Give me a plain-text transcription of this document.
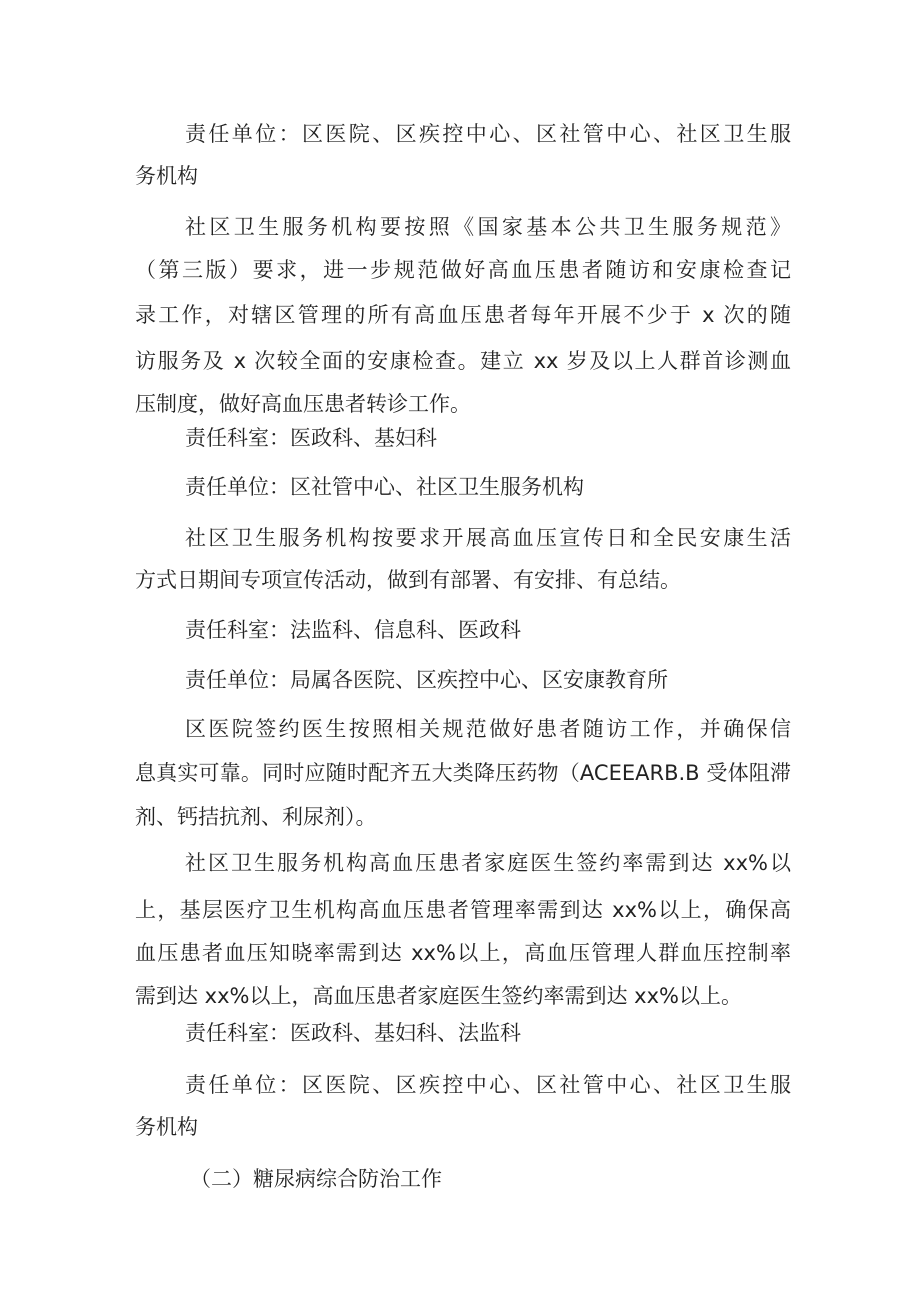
责任单位：区医院、区疾控中心、区社管中心、社区卫生服
务机构
社区卫生服务机构要按照《国家基本公共卫生服务规范》
（第三版）要求，进一步规范做好高血压患者随访和安康检查记
录工作，对辖区管理的所有高血压患者每年开展不少于 x 次的随
访服务及 x 次较全面的安康检查。建立 xx 岁及以上人群首诊测血
压制度，做好高血压患者转诊工作。
责任科室：医政科、基妇科
责任单位：区社管中心、社区卫生服务机构
社区卫生服务机构按要求开展高血压宣传日和全民安康生活
方式日期间专项宣传活动，做到有部署、有安排、有总结。
责任科室：法监科、信息科、医政科
责任单位：局属各医院、区疾控中心、区安康教育所
区医院签约医生按照相关规范做好患者随访工作，并确保信
息真实可靠。同时应随时配齐五大类降压药物（ACEEARB.B 受体阻滞
剂、钙拮抗剂、利尿剂）。
社区卫生服务机构高血压患者家庭医生签约率需到达 xx%以
上，基层医疗卫生机构高血压患者管理率需到达 xx%以上，确保高
血压患者血压知晓率需到达 xx%以上，高血压管理人群血压控制率
需到达 xx%以上，高血压患者家庭医生签约率需到达 xx%以上。
责任科室：医政科、基妇科、法监科
责任单位：区医院、区疾控中心、区社管中心、社区卫生服
务机构
（二）糖尿病综合防治工作
